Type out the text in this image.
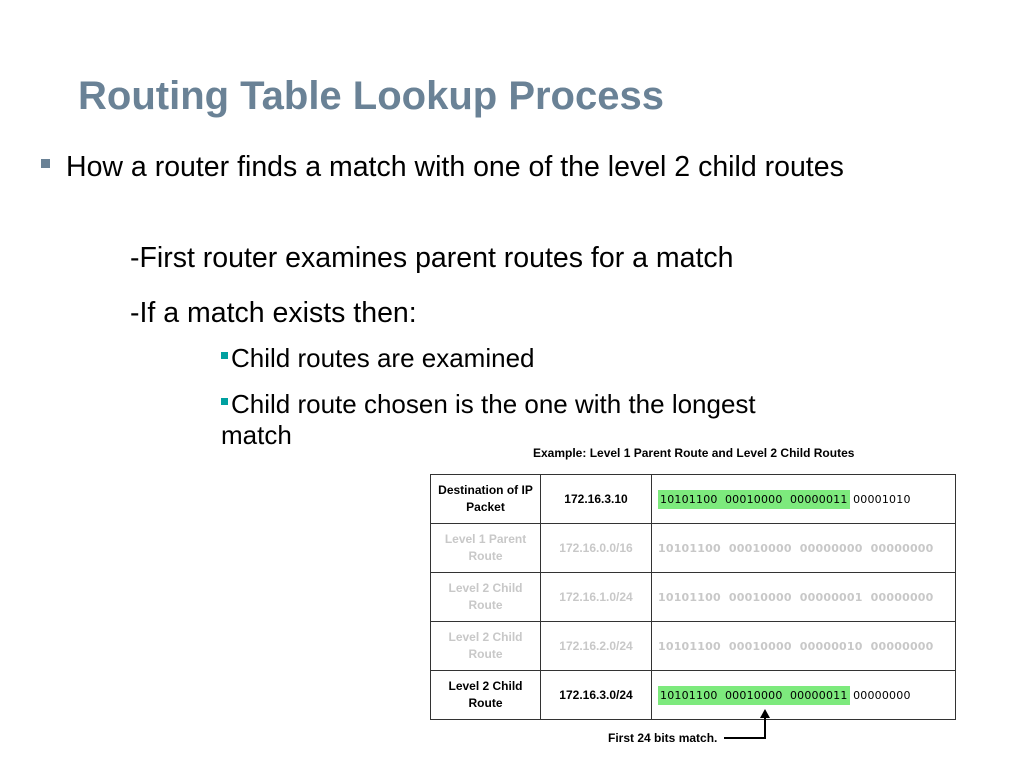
Routing Table Lookup Process
How a router finds a match with one of the level 2 child routes
-First router examines parent routes for a match
-If a match exists then:
Child routes are examined
Child route chosen is the one with the longest match
Example: Level 1 Parent Route and Level 2 Child Routes
Destination of IP Packet	172.16.3.10	10101100  00010000  00000011 00001010
Level 1 Parent Route	172.16.0.0/16	10101100  00010000  00000000  00000000
Level 2 Child Route	172.16.1.0/24	10101100  00010000  00000001  00000000
Level 2 Child Route	172.16.2.0/24	10101100  00010000  00000010  00000000
Level 2 Child Route	172.16.3.0/24	10101100  00010000  00000011 00000000
First 24 bits match.
